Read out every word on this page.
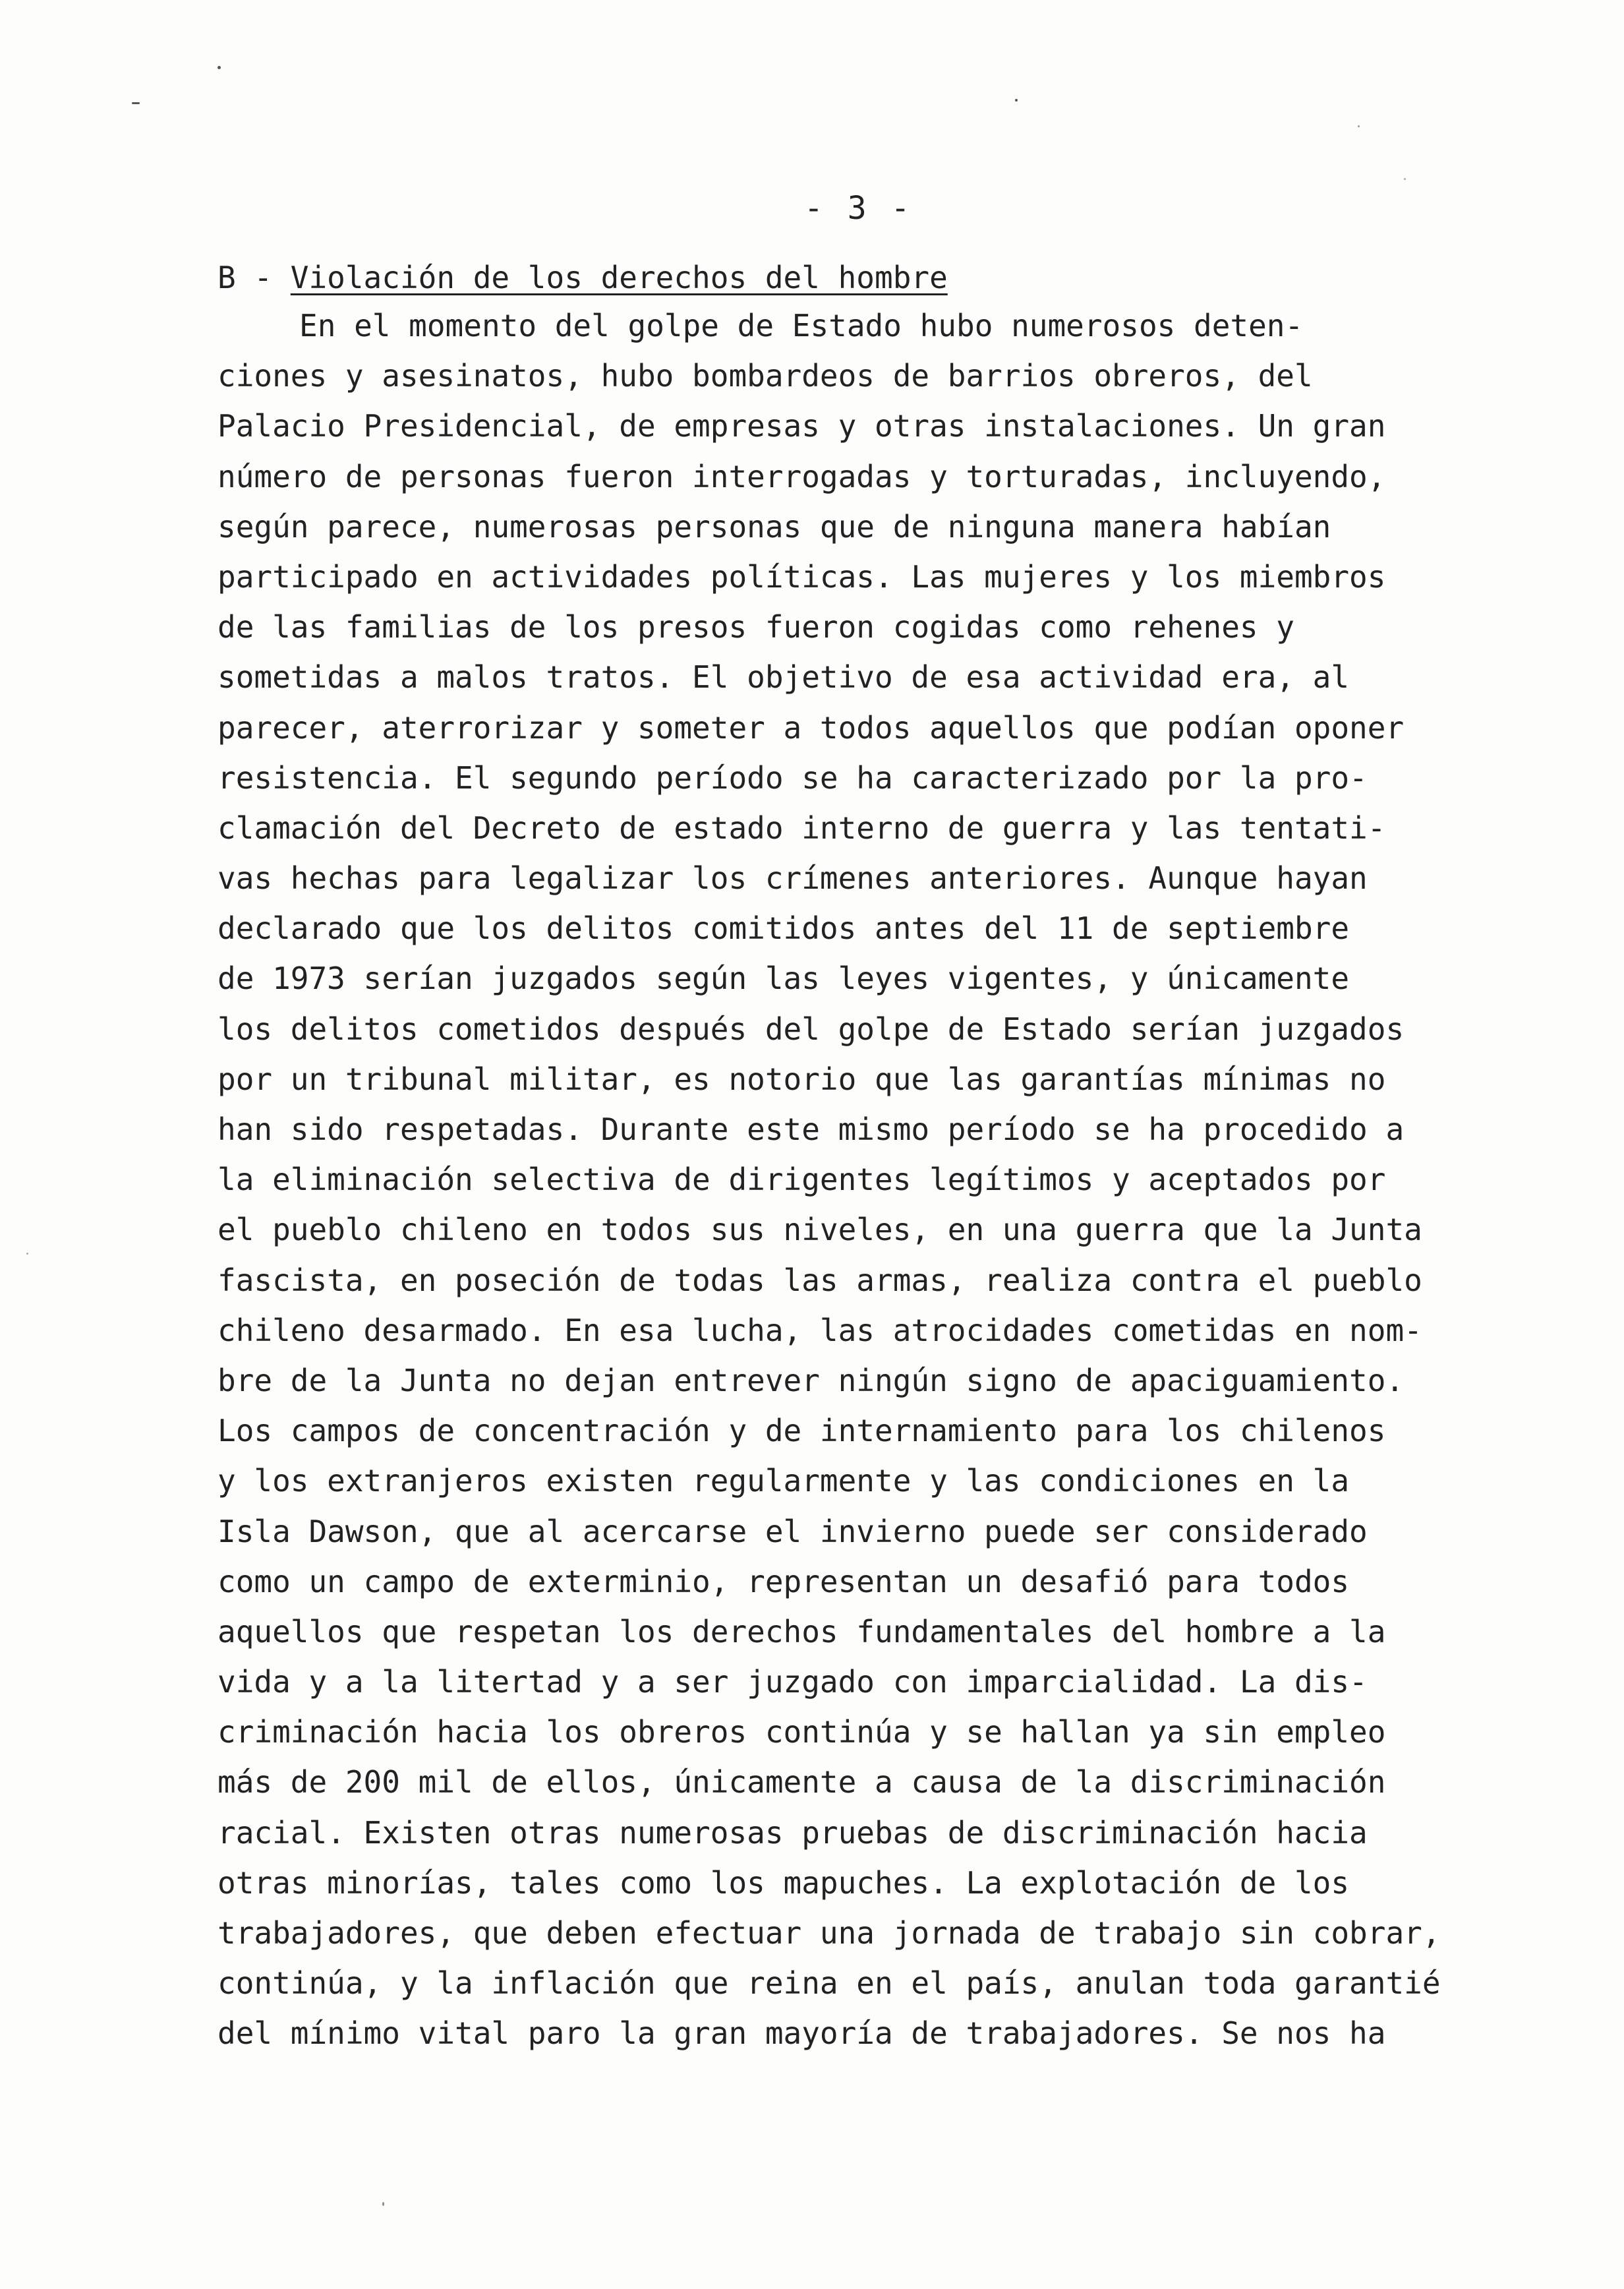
- 3 -
B - Violación de los derechos del hombre
En el momento del golpe de Estado hubo numerosos deten-
ciones y asesinatos, hubo bombardeos de barrios obreros, del
Palacio Presidencial, de empresas y otras instalaciones. Un gran
número de personas fueron interrogadas y torturadas, incluyendo,
según parece, numerosas personas que de ninguna manera habían
participado en actividades políticas. Las mujeres y los miembros
de las familias de los presos fueron cogidas como rehenes y
sometidas a malos tratos. El objetivo de esa actividad era, al
parecer, aterrorizar y someter a todos aquellos que podían oponer
resistencia. El segundo período se ha caracterizado por la pro-
clamación del Decreto de estado interno de guerra y las tentati-
vas hechas para legalizar los crímenes anteriores. Aunque hayan
declarado que los delitos comitidos antes del 11 de septiembre
de 1973 serían juzgados según las leyes vigentes, y únicamente
los delitos cometidos después del golpe de Estado serían juzgados
por un tribunal militar, es notorio que las garantías mínimas no
han sido respetadas. Durante este mismo período se ha procedido a
la eliminación selectiva de dirigentes legítimos y aceptados por
el pueblo chileno en todos sus niveles, en una guerra que la Junta
fascista, en poseción de todas las armas, realiza contra el pueblo
chileno desarmado. En esa lucha, las atrocidades cometidas en nom-
bre de la Junta no dejan entrever ningún signo de apaciguamiento.
Los campos de concentración y de internamiento para los chilenos
y los extranjeros existen regularmente y las condiciones en la
Isla Dawson, que al acercarse el invierno puede ser considerado
como un campo de exterminio, representan un desafió para todos
aquellos que respetan los derechos fundamentales del hombre a la
vida y a la litertad y a ser juzgado con imparcialidad. La dis-
criminación hacia los obreros continúa y se hallan ya sin empleo
más de 200 mil de ellos, únicamente a causa de la discriminación
racial. Existen otras numerosas pruebas de discriminación hacia
otras minorías, tales como los mapuches. La explotación de los
trabajadores, que deben efectuar una jornada de trabajo sin cobrar,
continúa, y la inflación que reina en el país, anulan toda garantié
del mínimo vital paro la gran mayoría de trabajadores. Se nos ha
